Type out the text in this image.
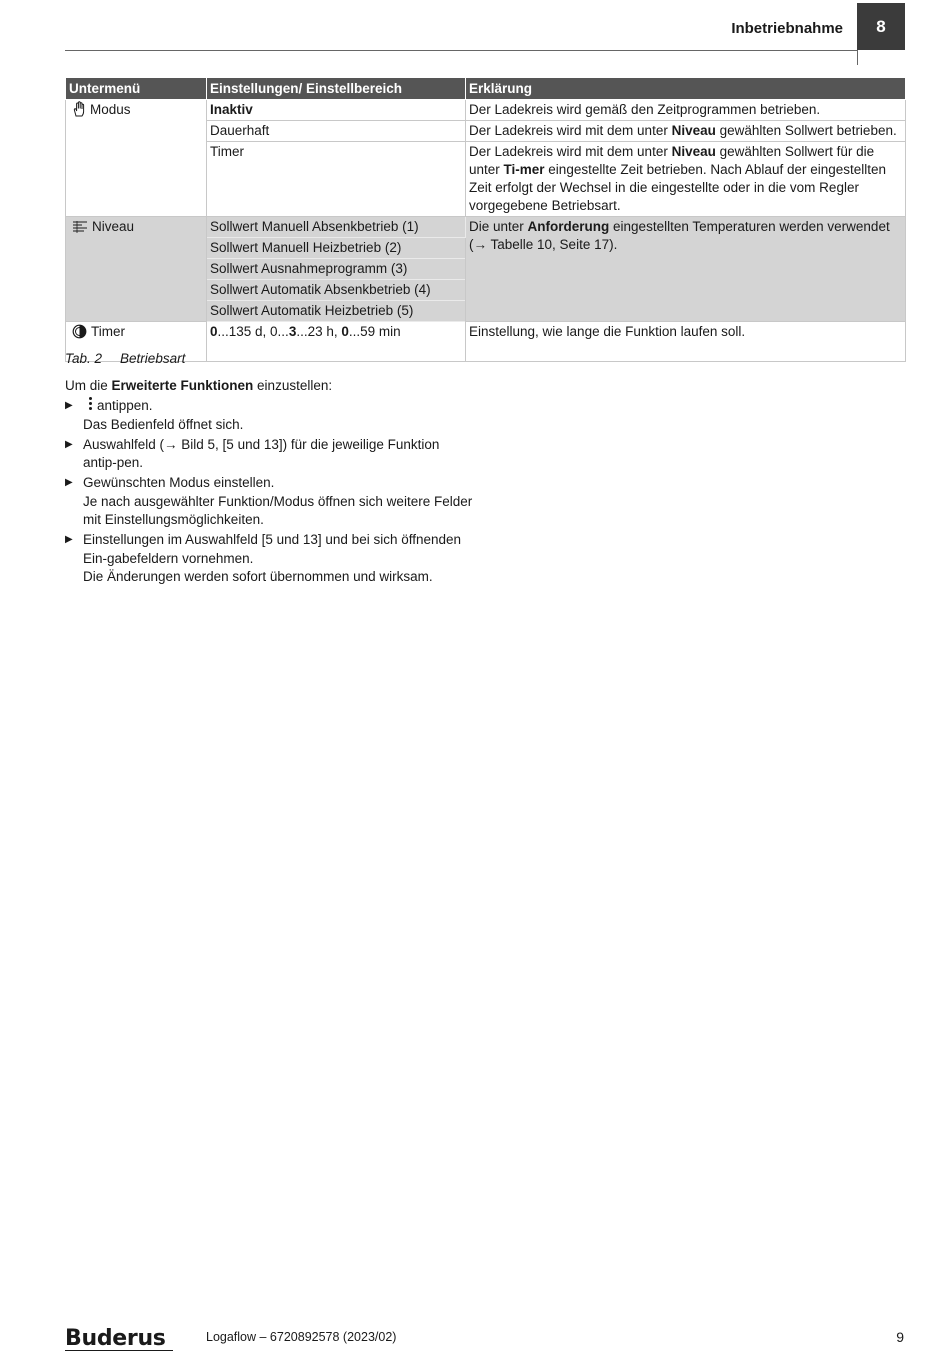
Inbetriebnahme	8
Untermenü	Einstellungen/ Einstellbereich	Erklärung
Modus	Inaktiv	Der Ladekreis wird gemäß den Zeitprogrammen betrieben.
	Dauerhaft	Der Ladekreis wird mit dem unter Niveau gewählten Sollwert betrieben.
	Timer	Der Ladekreis wird mit dem unter Niveau gewählten Sollwert für die unter Ti-mer eingestellte Zeit betrieben. Nach Ablauf der eingestellten Zeit erfolgt der Wechsel in die eingestellte oder in die vom Regler vorgegebene Betriebsart.
Niveau	Sollwert Manuell Absenkbetrieb (1)	Die unter Anforderung eingestellten Temperaturen werden verwendet
(→ Tabelle 10, Seite 17).
	Sollwert Manuell Heizbetrieb (2)	
	Sollwert Ausnahmeprogramm (3)	
	Sollwert Automatik Absenkbetrieb (4)	
	Sollwert Automatik Heizbetrieb (5)	
Timer	0...135 d, 0...3...23 h, 0...59 min	Einstellung, wie lange die Funktion laufen soll.
Tab. 2 Betriebsart
Um die Erweiterte Funktionen einzustellen:
▶ antippen.
Das Bedienfeld öffnet sich.
▶ Auswahlfeld (→ Bild 5, [5 und 13]) für die jeweilige Funktion antip-pen.
▶ Gewünschten Modus einstellen.
Je nach ausgewählter Funktion/Modus öffnen sich weitere Felder mit Einstellungsmöglichkeiten.
▶ Einstellungen im Auswahlfeld [5 und 13] und bei sich öffnenden Ein-gabefeldern vornehmen.
Die Änderungen werden sofort übernommen und wirksam.
Buderus	Logaflow – 6720892578 (2023/02)	9
